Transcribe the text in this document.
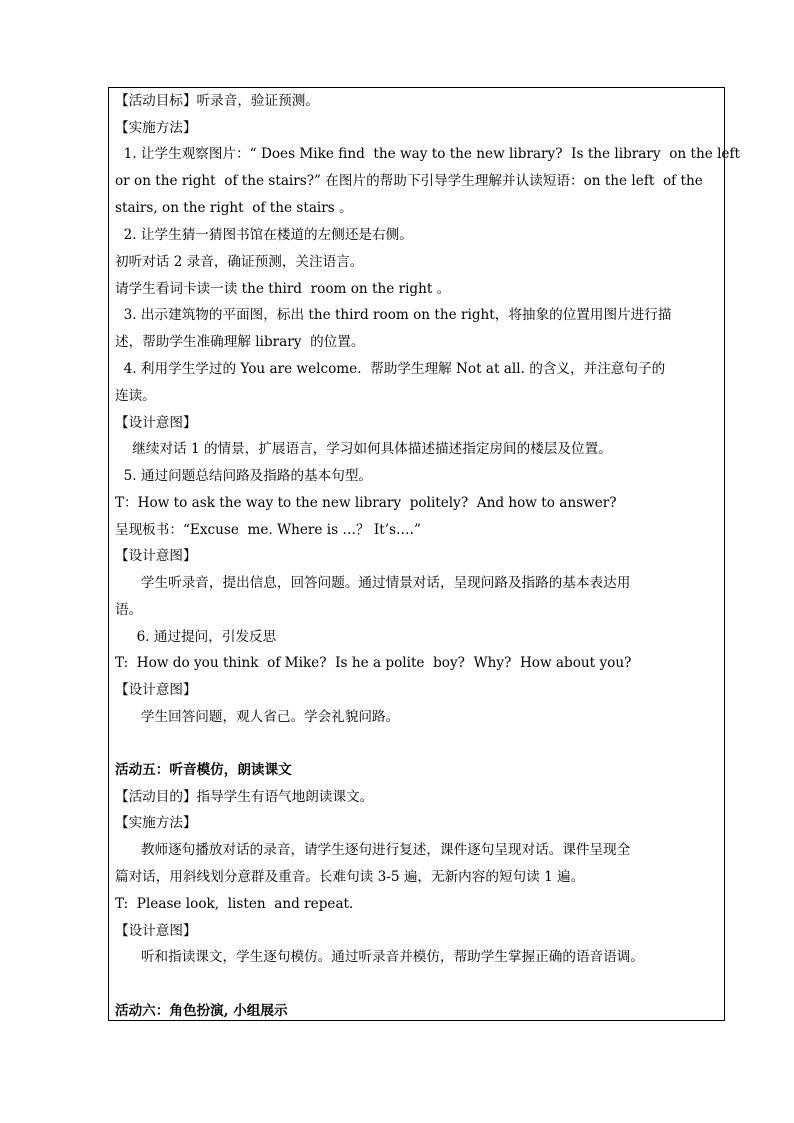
【活动目标】听录音，验证预测。
【实施方法】
1. 让学生观察图片：“ Does Mike find  the way to the new library?  Is the library  on the left
or on the right  of the stairs?” 在图片的帮助下引导学生理解并认读短语：on the left  of the
stairs, on the right  of the stairs 。
2. 让学生猜一猜图书馆在楼道的左侧还是右侧。
初听对话 2 录音，确证预测，关注语言。
请学生看词卡读一读 the third  room on the right 。
3. 出示建筑物的平面图，标出 the third room on the right，将抽象的位置用图片进行描
述，帮助学生准确理解 library  的位置。
4. 利用学生学过的 You are welcome.  帮助学生理解 Not at all. 的含义，并注意句子的
连读。
【设计意图】
继续对话 1 的情景，扩展语言，学习如何具体描述描述指定房间的楼层及位置。
5. 通过问题总结问路及指路的基本句型。
T：How to ask the way to the new library  politely?  And how to answer?
呈现板书：“Excuse  me. Where is …？ It’s….”
【设计意图】
学生听录音，提出信息，回答问题。通过情景对话，呈现问路及指路的基本表达用
语。
6. 通过提问，引发反思
T:  How do you think  of Mike?  Is he a polite  boy?  Why?  How about you?
【设计意图】
学生回答问题，观人省己。学会礼貌问路。
活动五：听音模仿，朗读课文
【活动目的】指导学生有语气地朗读课文。
【实施方法】
教师逐句播放对话的录音，请学生逐句进行复述，课件逐句呈现对话。课件呈现全
篇对话，用斜线划分意群及重音。长难句读 3-5 遍，无新内容的短句读 1 遍。
T:  Please look,  listen  and repeat.
【设计意图】
听和指读课文，学生逐句模仿。通过听录音并模仿，帮助学生掌握正确的语音语调。
活动六：角色扮演, 小组展示
